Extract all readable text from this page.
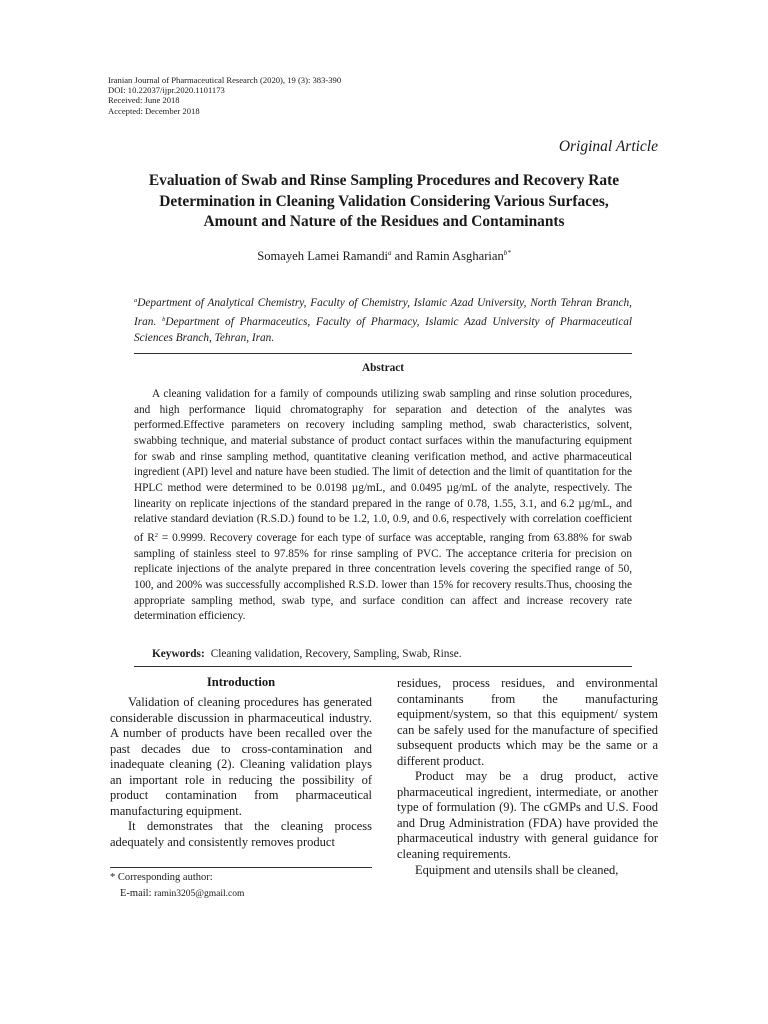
Iranian Journal of Pharmaceutical Research (2020), 19 (3): 383-390
DOI: 10.22037/ijpr.2020.1101173
Received: June 2018
Accepted: December 2018
Original Article
Evaluation of Swab and Rinse Sampling Procedures and Recovery Rate Determination in Cleaning Validation Considering Various Surfaces, Amount and Nature of the Residues and Contaminants
Somayeh Lamei Ramandi$^a$ and Ramin Asgharian$^{b*}$
$^a$Department of Analytical Chemistry, Faculty of Chemistry, Islamic Azad University, North Tehran Branch, Iran. $^b$Department of Pharmaceutics, Faculty of Pharmacy, Islamic Azad University of Pharmaceutical Sciences Branch, Tehran, Iran.
Abstract
A cleaning validation for a family of compounds utilizing swab sampling and rinse solution procedures, and high performance liquid chromatography for separation and detection of the analytes was performed.Effective parameters on recovery including sampling method, swab characteristics, solvent, swabbing technique, and material substance of product contact surfaces within the manufacturing equipment for swab and rinse sampling method, quantitative cleaning verification method, and active pharmaceutical ingredient (API) level and nature have been studied. The limit of detection and the limit of quantitation for the HPLC method were determined to be 0.0198 µg/mL, and 0.0495 µg/mL of the analyte, respectively. The linearity on replicate injections of the standard prepared in the range of 0.78, 1.55, 3.1, and 6.2 µg/mL, and relative standard deviation (R.S.D.) found to be 1.2, 1.0, 0.9, and 0.6, respectively with correlation coefficient of $R^2 = 0.9999$. Recovery coverage for each type of surface was acceptable, ranging from 63.88% for swab sampling of stainless steel to 97.85% for rinse sampling of PVC. The acceptance criteria for precision on replicate injections of the analyte prepared in three concentration levels covering the specified range of 50, 100, and 200% was successfully accomplished R.S.D. lower than 15% for recovery results.Thus, choosing the appropriate sampling method, swab type, and surface condition can affect and increase recovery rate determination efficiency.
Keywords: Cleaning validation, Recovery, Sampling, Swab, Rinse.
Introduction

Validation of cleaning procedures has generated considerable discussion in pharmaceutical industry. A number of products have been recalled over the past decades due to cross-contamination and inadequate cleaning (2). Cleaning validation plays an important role in reducing the possibility of product contamination from pharmaceutical manufacturing equipment.

It demonstrates that the cleaning process adequately and consistently removes product

* Corresponding author:
E-mail: ramin3205@gmail.com

residues, process residues, and environmental contaminants from the manufacturing equipment/system, so that this equipment/ system can be safely used for the manufacture of specified subsequent products which may be the same or a different product.

Product may be a drug product, active pharmaceutical ingredient, intermediate, or another type of formulation (9). The cGMPs and U.S. Food and Drug Administration (FDA) have provided the pharmaceutical industry with general guidance for cleaning requirements.

Equipment and utensils shall be cleaned,
